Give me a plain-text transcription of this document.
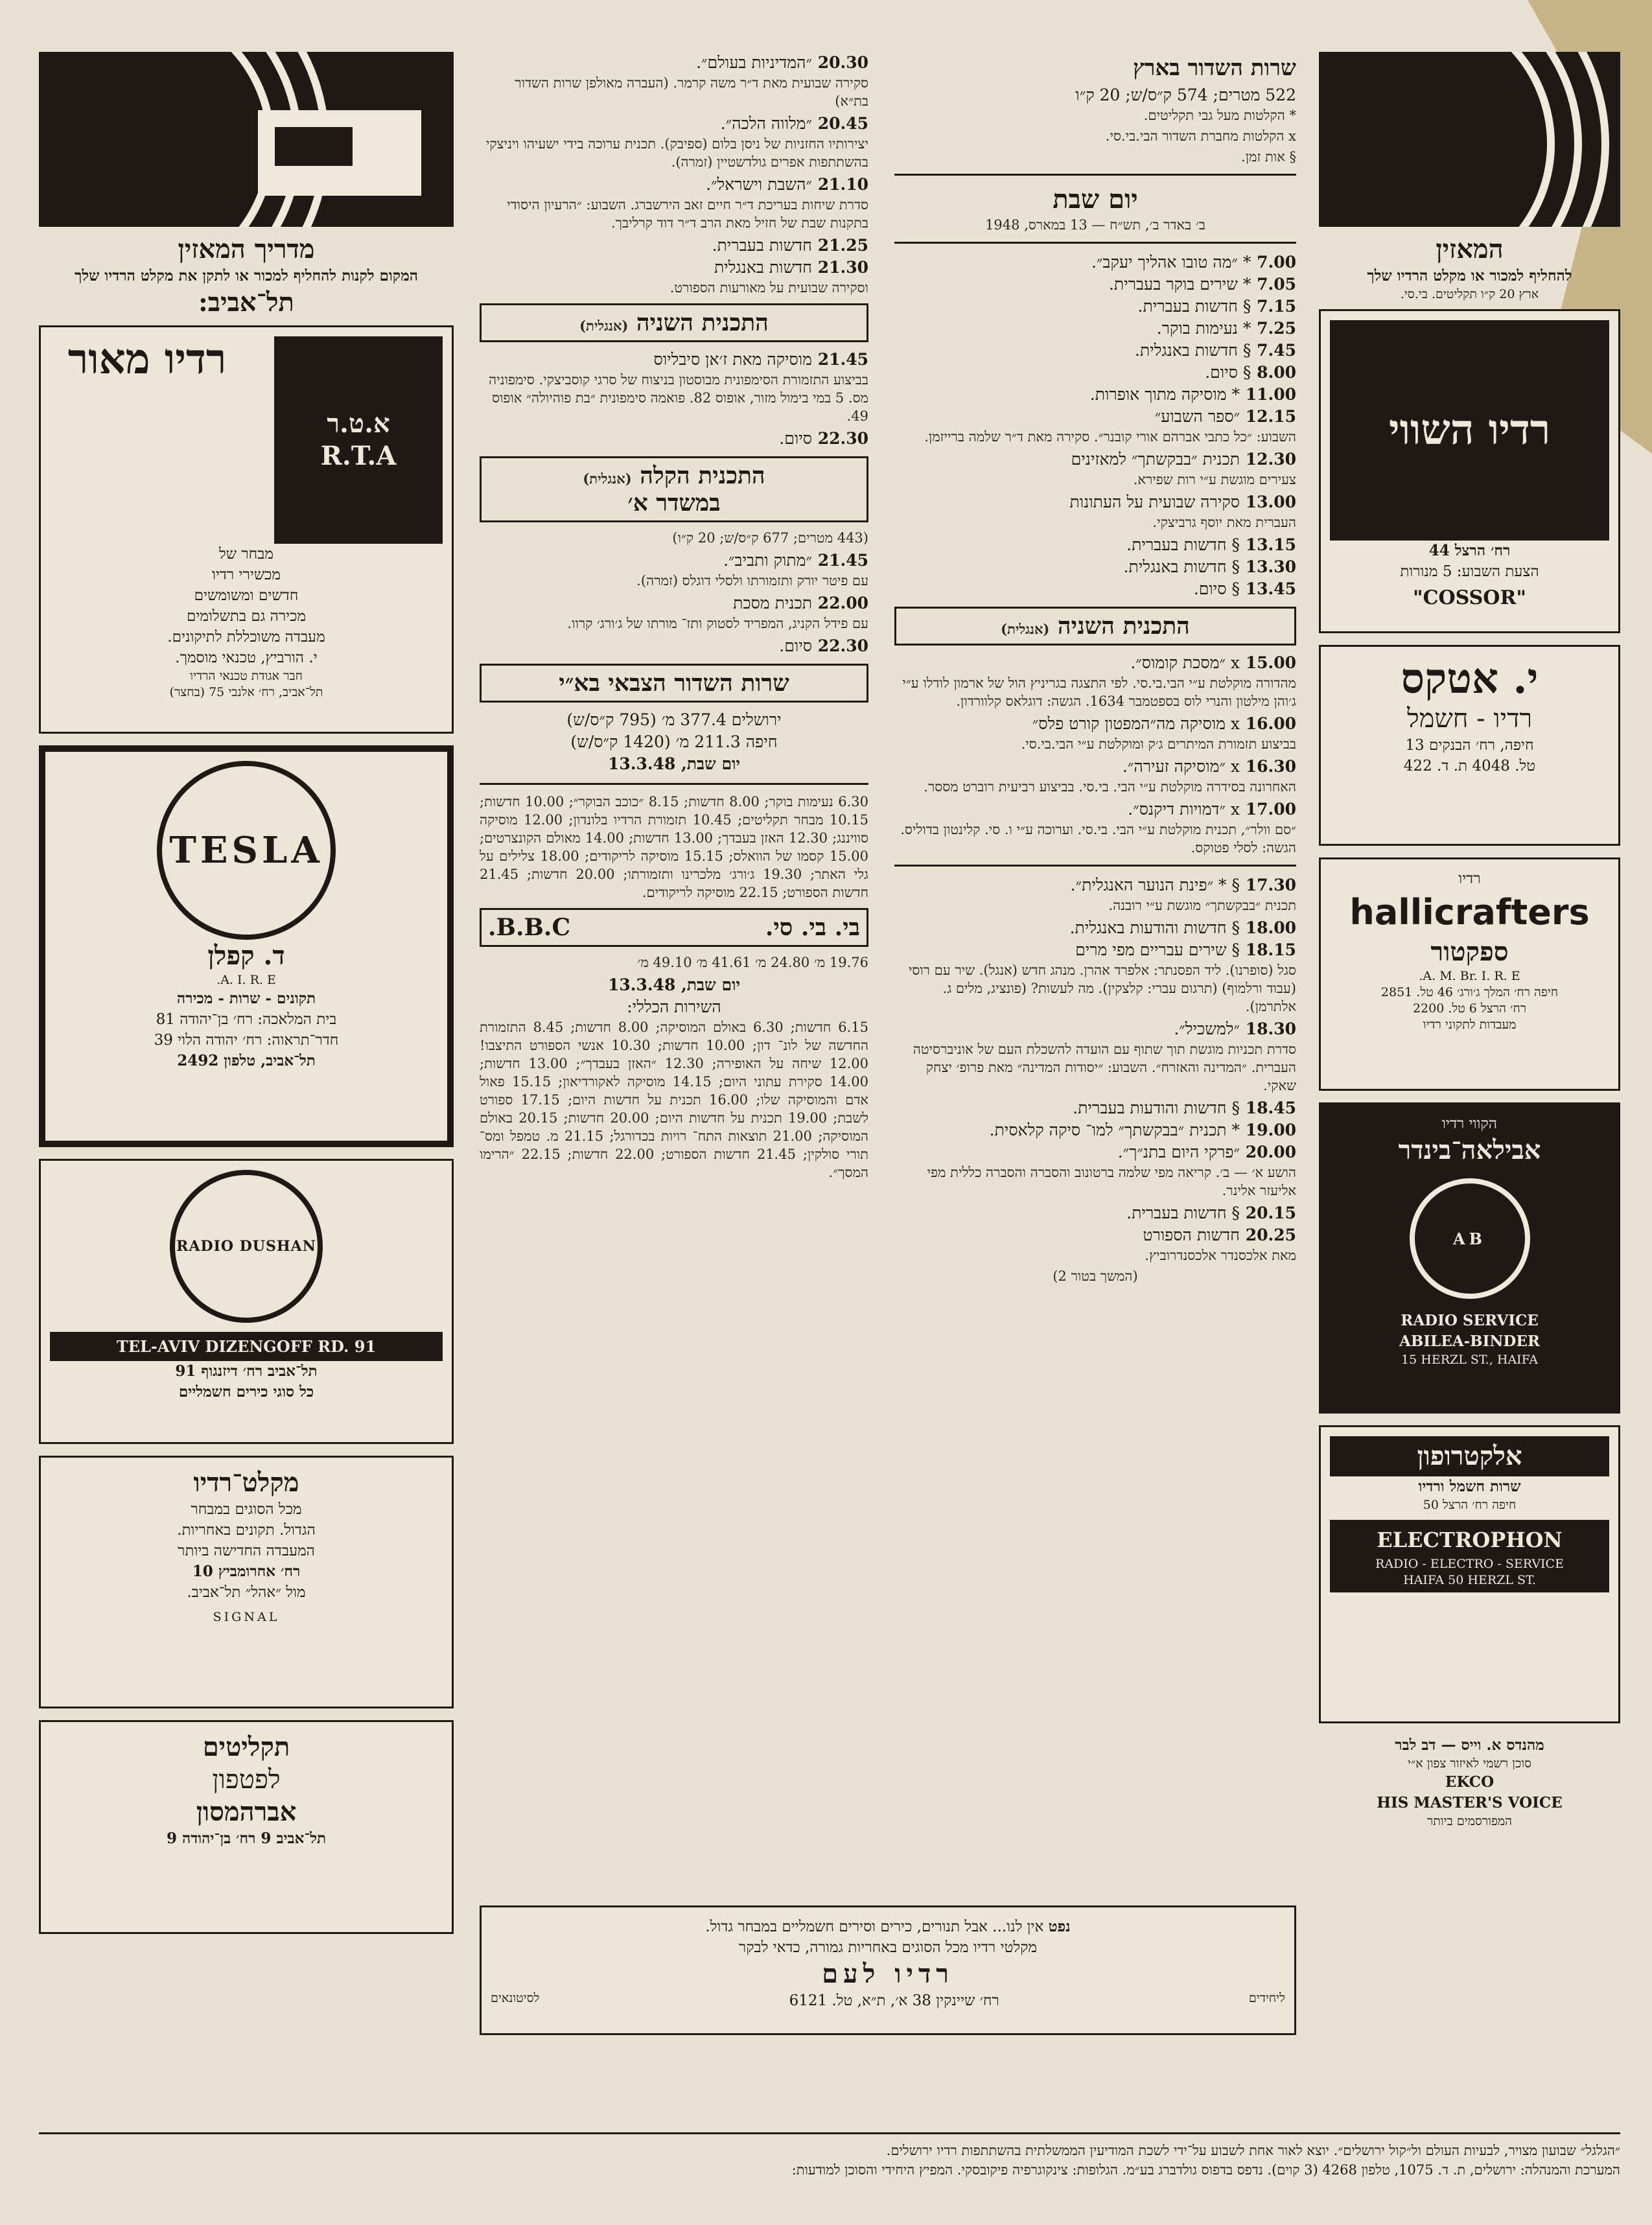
מדריך המאזין
המקום לקנות להחליף למכור או לתקן את מקלט הרדיו שלך
תל־אביב:
רדיו מאור
א.ט.ר
R.T.A
מבחר של
מכשירי רדיו
חדשים ומשומשים
מכירה גם בתשלומים
מעבדה משוכללת לתיקונים.
י. הורביץ, טכנאי מוסמך.
חבר אגודת טכנאי הרדיו
תל־אביב, רח׳ אלנבי 75 (בחצר)
TESLA
ד. קפלן
A. I. R. E.
תקונים - שרות - מכירה
בית המלאכה: רח׳ בן־יהודה 81
חדר־תראוה: רח׳ יהודה הלוי 39
תל־אביב, טלפון 2492
RADIO DUSHAN
TEL-AVIV DIZENGOFF RD. 91
תל־אביב רח׳ דיזנגוף 91
כל סוגי כירים חשמליים
מקלט־רדיו
מכל הסוגים במבחר
הגדול. תקונים באחריות.
המעבדה החדישה ביותר
רח׳ אחרומביץ 10
מול ״אהל״ תל־אביב.
SIGNAL
תקליטים
לפטפון
אברהמסון
תל־אביב 9 רח׳ בן־יהודה 9
20.30 ״המדיניות בעולם״.
סקירה שבועית מאת ד״ר משה קרמר. (העברה מאולפן שרות השדור בת״א)
20.45 ״מלווה הלכה״.
יצירותיו החזניות של ניסן בלום (ספיבק). תכנית ערוכה בידי ישעיהו ויניצקי בהשתתפות אפרים גולדשטיין (זמרה).
21.10 ״השבת וישראל״.
סדרת שיחות בעריכת ד״ר חיים זאב הירשברג. השבוע: ״הרעיון היסודי בתקנות שבת של חזיל מאת הרב ד״ר דוד קרליבך.
21.25 חדשות בעברית.
21.30 חדשות באנגלית
וסקירה שבועית על מאורעות הספורט.
התכנית השניה (אנגלית)
21.45 מוסיקה מאת ז׳אן סיבליוס
בביצוע התזמורת הסימפונית מבוסטון בניצוח של סרגי קוסביצקי. סימפוניה מס. 5 במי בימול מזור, אופוס 82. פואמה סימפונית ״בת פוהיולה״ אופוס 49.
22.30 סיום.
התכנית הקלה (אנגלית)
במשדר א׳
(443 מטרים; 677 ק״ס/ש; 20 ק״ו)
21.45 ״מתוק ותביב״.
עם פיטר יורק ותזמורתו ולסלי דוגלס (זמרה).
22.00 תכנית מסכת
עם פידל הקניג, המפריד לסטוק ותז־ מורתו של ג׳ורג׳ קרוו.
22.30 סיום.
שרות השדור הצבאי בא״י
ירושלים 377.4 מ׳ (795 ק״ס/ש)
חיפה 211.3 מ׳ (1420 ק״ס/ש)
יום שבת, 13.3.48
6.30 נעימות בוקר; 8.00 חדשות; 8.15 ״כוכב הבוקר״; 10.00 חדשות; 10.15 מבחר תקליטים; 10.45 תזמורת הרדיו בלונדון; 12.00 מוסיקה סוויננג; 12.30 האזן בעבדך; 13.00 חדשות; 14.00 מאולם הקונצרטים; 15.00 קסמו של הוואלס; 15.15 מוסיקה לריקודים; 18.00 צלילים על גלי האתר; 19.30 ג׳ורג׳ מלכרינו ותזמורתו; 20.00 חדשות; 21.45 חדשות הספורט; 22.15 מוסיקה לריקודים.
בי. בי. סי.
B.B.C.
19.76 מ׳ 24.80 מ׳ 41.61 מ׳ 49.10 מ׳
יום שבת, 13.3.48
השירות הכללי:
6.15 חדשות; 6.30 באולם המוסיקה; 8.00 חדשות; 8.45 התזמורת החדשה של לונ־ דון; 10.00 חדשות; 10.30 אנשי הספורט התיצבו! 12.00 שיחה על האופירה; 12.30 ״האזן בעבדך״; 13.00 חדשות; 14.00 סקירת עתוני היום; 14.15 מוסיקה לאקורדיאון; 15.15 פאול אדם והמוסיקה שלו; 16.00 תכנית על חדשות היום; 17.15 ספורט לשבת; 19.00 תכנית על חדשות היום; 20.00 חדשות; 20.15 באולם המוסיקה; 21.00 תוצאות התח־ רויות בכדורגל; 21.15 מ. טמפל ומס־ תורי סולקין; 21.45 חדשות הספורט; 22.00 חדשות; 22.15 ״הרימו המסך״.
שרות השדור בארץ
522 מטרים; 574 ק״ס/ש; 20 ק״ו
* הקלטות מעל גבי תקליטים.
x הקלטות מחברת השדור הבי.בי.סי.
§ אות זמן.
יום שבת
ב׳ באדר ב׳, תש״ח — 13 במארס, 1948
7.00 * ״מה טובו אהליך יעקב״.
7.05 * שירים בוקר בעברית.
7.15 § חדשות בעברית.
7.25 * נעימות בוקר.
7.45 § חדשות באנגלית.
8.00 § סיום.
11.00 * מוסיקה מתוך אופרות.
12.15 ״ספר השבוע״
השבוע: ״כל כתבי אברהם אורי קובנר״. סקירה מאת ד״ר שלמה ברייזמן.
12.30 תכנית ״בבקשתך״ למאזינים
צעירים מוגשת ע״י רות שפירא.
13.00 סקירה שבועית על העתונות
העברית מאת יוסף גרביצקי.
13.15 § חדשות בעברית.
13.30 § חדשות באנגלית.
13.45 § סיום.
התכנית השניה (אנגלית)
15.00 x ״מסכת קומוס״.
מהדורה מוקלטת ע״י הבי.בי.סי. לפי התצגה בגריניץ הול של ארמון לודלו ע״י ג׳והן מילטון והנרי לוס בספטמבר 1634. הגשה: דוגלאס קלוורדון.
16.00 x מוסיקה מה״המפטון קורט פלס״
בביצוע תזמורת המיתרים ג׳ק ומוקלטת ע״י הבי.בי.סי.
16.30 x ״מוסיקה זעירה״.
האחרונה בסידרה מוקלטת ע״י הבי. בי.סי. בביצוע רביעית רוברט מססר.
17.00 x ״דמויות דיקנס״.
״סם וולר״, תכנית מוקלטת ע״י הבי. בי.סי. וערוכה ע״י ו. סי. קלינטון בדוליס. הגשה: לסלי פטוקס.
17.30 § * ״פינת הנוער האנגלית״.
תכנית ״בבקשתך״ מוגשת ע״י רובנה.
18.00 § חדשות והודעות באנגלית.
18.15 § שירים עבריים מפי מרים
סגל (סופרנו). ליד הפסנתר: אלפרד אהרן. מנהג חדש (אנגל). שיר עם רוסי (עבוד ורלמוף) (תרגום עברי: קלצקין). מה לעשות? (פונציג, מלים ג. אלתרמן).
18.30 ״למשכיל״.
סדרת תכניות מוגשת תוך שתוף עם הועדה להשכלת העם של אוניברסיטה העברית. ״המדינה והאזרח״. השבוע: ״יסודות המדינה״ מאת פרופ׳ יצחק שאקי.
18.45 § חדשות והודעות בעברית.
19.00 * תכנית ״בבקשתך״ למו־ סיקה קלאסית.
20.00 ״פרקי היום בתנ״ך״.
הושע א׳ — ב׳. קריאה מפי שלמה ברטונוב והסברה והסברה כללית מפי אליעזר אלינר.
20.15 § חדשות בעברית.
20.25 חדשות הספורט
מאת אלכסנדר אלכסנדרוביץ.
(המשך בטור 2)
המאזין
להחליף למכור או מקלט הרדיו שלך
ארץ 20 ק״ו תקליטים. בי.סי.
רדיו השווי
רח׳ הרצל 44
הצעת השבוע: 5 מנורות
"COSSOR"
י. אטקס
רדיו - חשמל
חיפה, רח׳ הבנקים 13
טל. 4048 ת. ד. 422
רדיו
hallicrafters
ספקטור
A. M. Br. I. R. E.
חיפה רח׳ המלך ג׳ורג׳ 46 טל. 2851
רח׳ הרצל 6 טל. 2200
מעבדות לתקוני רדיו
הקווי רדיו
אבילאה־בינדר
AB
RADIO SERVICE
ABILEA-BINDER
15 HERZL ST., HAIFA
אלקטרופון
שרות חשמל ורדיו
חיפה רח׳ הרצל 50
ELECTROPHON
RADIO - ELECTRO - SERVICE
HAIFA 50 HERZL ST.
מהנדס א. וייס — דב לבר
סוכן רשמי לאיזור צפון א״י
EKCO
HIS MASTER'S VOICE
המפורסמים ביותר
נפט אין לנו... אבל תנורים, כירים וסירים חשמליים במבחר גדול.
מקלטי רדיו מכל הסוגים באחריות גמורה, כדאי לבקר
רדיו לעם
לסיטונאים	רח׳ שיינקין 38 א׳, ת״א, טל. 6121	ליחידים
״הגלגל״ שבועון מצויר, לבעיות העולם ול״קול ירושלים״. יוצא לאור אחת לשבוע על־ידי לשכת המודיעין הממשלתית בהשתתפות רדיו ירושלים.
המערכת והמנהלה: ירושלים, ת. ד. 1075, טלפון 4268 (3 קוים). נדפס בדפוס גולדברג בע״מ. הגלופות: צינקוגרפיה פיקובסקי. המפיץ היחידי והסוכן למודעות:
